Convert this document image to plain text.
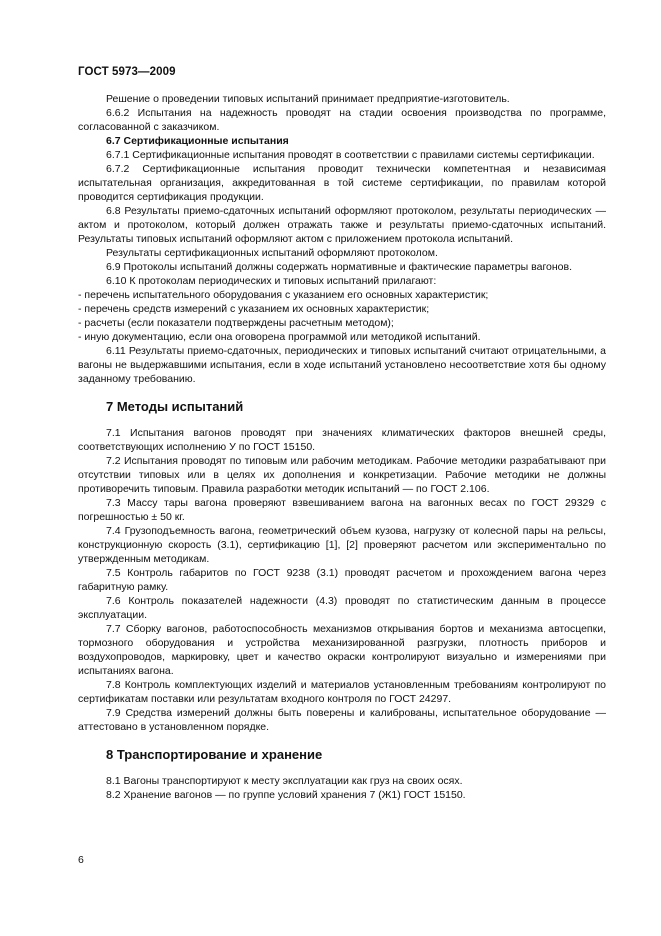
ГОСТ 5973—2009

Решение о проведении типовых испытаний принимает предприятие-изготовитель.

6.6.2 Испытания на надежность проводят на стадии освоения производства по программе, согласованной с заказчиком.

6.7 Сертификационные испытания

6.7.1 Сертификационные испытания проводят в соответствии с правилами системы сертификации.

6.7.2 Сертификационные испытания проводит технически компетентная и независимая испытательная организация, аккредитованная в той системе сертификации, по правилам которой проводится сертификация продукции.

6.8 Результаты приемо-сдаточных испытаний оформляют протоколом, результаты периодических — актом и протоколом, который должен отражать также и результаты приемо-сдаточных испытаний. Результаты типовых испытаний оформляют актом с приложением протокола испытаний.

Результаты сертификационных испытаний оформляют протоколом.

6.9 Протоколы испытаний должны содержать нормативные и фактические параметры вагонов.

6.10 К протоколам периодических и типовых испытаний прилагают:

- перечень испытательного оборудования с указанием его основных характеристик;

- перечень средств измерений с указанием их основных характеристик;

- расчеты (если показатели подтверждены расчетным методом);

- иную документацию, если она оговорена программой или методикой испытаний.

6.11 Результаты приемо-сдаточных, периодических и типовых испытаний считают отрицательными, а вагоны не выдержавшими испытания, если в ходе испытаний установлено несоответствие хотя бы одному заданному требованию.

7 Методы испытаний

7.1 Испытания вагонов проводят при значениях климатических факторов внешней среды, соответствующих исполнению У по ГОСТ 15150.

7.2 Испытания проводят по типовым или рабочим методикам. Рабочие методики разрабатывают при отсутствии типовых или в целях их дополнения и конкретизации. Рабочие методики не должны противоречить типовым. Правила разработки методик испытаний — по ГОСТ 2.106.

7.3 Массу тары вагона проверяют взвешиванием вагона на вагонных весах по ГОСТ 29329 с погрешностью ± 50 кг.

7.4 Грузоподъемность вагона, геометрический объем кузова, нагрузку от колесной пары на рельсы, конструкционную скорость (3.1), сертификацию [1], [2] проверяют расчетом или экспериментально по утвержденным методикам.

7.5 Контроль габаритов по ГОСТ 9238 (3.1) проводят расчетом и прохождением вагона через габаритную рамку.

7.6 Контроль показателей надежности (4.3) проводят по статистическим данным в процессе эксплуатации.

7.7 Сборку вагонов, работоспособность механизмов открывания бортов и механизма автосцепки, тормозного оборудования и устройства механизированной разгрузки, плотность приборов и воздухопроводов, маркировку, цвет и качество окраски контролируют визуально и измерениями при испытаниях вагона.

7.8 Контроль комплектующих изделий и материалов установленным требованиям контролируют по сертификатам поставки или результатам входного контроля по ГОСТ 24297.

7.9 Средства измерений должны быть поверены и калиброваны, испытательное оборудование — аттестовано в установленном порядке.

8 Транспортирование и хранение

8.1 Вагоны транспортируют к месту эксплуатации как груз на своих осях.

8.2 Хранение вагонов — по группе условий хранения 7 (Ж1) ГОСТ 15150.

6
